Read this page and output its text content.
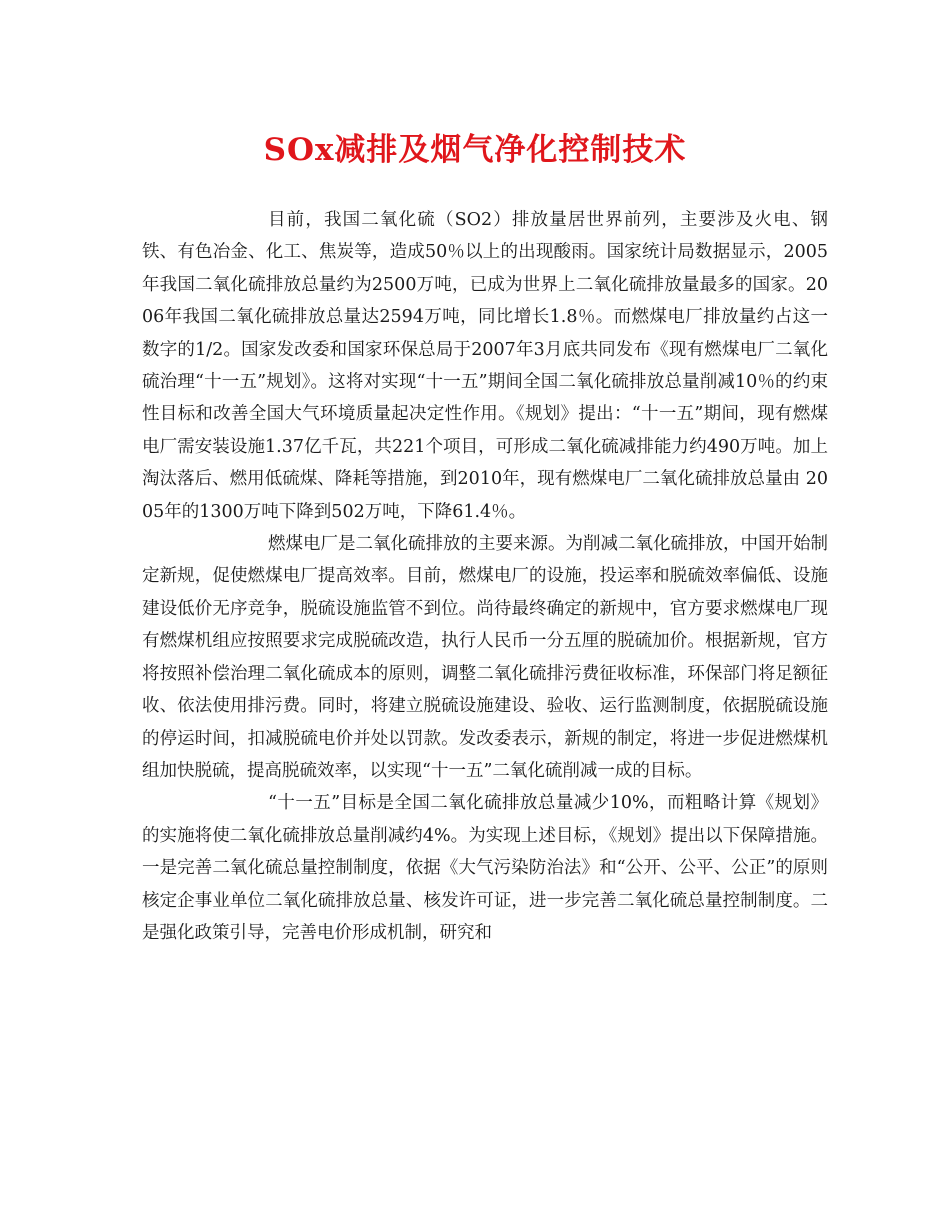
SOx减排及烟气净化控制技术

目前，我国二氧化硫（SO2）排放量居世界前列，主要涉及火电、钢铁、有色冶金、化工、焦炭等，造成50％以上的出现酸雨。国家统计局数据显示，2005年我国二氧化硫排放总量约为2500万吨，已成为世界上二氧化硫排放量最多的国家。2006年我国二氧化硫排放总量达2594万吨，同比增长1.8％。而燃煤电厂排放量约占这一数字的1/2。国家发改委和国家环保总局于2007年3月底共同发布《现有燃煤电厂二氧化硫治理“十一五”规划》。这将对实现“十一五”期间全国二氧化硫排放总量削减10％的约束性目标和改善全国大气环境质量起决定性作用。《规划》提出：“十一五”期间，现有燃煤电厂需安装设施1.37亿千瓦，共221个项目，可形成二氧化硫减排能力约490万吨。加上淘汰落后、燃用低硫煤、降耗等措施，到2010年，现有燃煤电厂二氧化硫排放总量由 2005年的1300万吨下降到502万吨，下降61.4％。

燃煤电厂是二氧化硫排放的主要来源。为削减二氧化硫排放，中国开始制定新规，促使燃煤电厂提高效率。目前，燃煤电厂的设施，投运率和脱硫效率偏低、设施建设低价无序竞争，脱硫设施监管不到位。尚待最终确定的新规中，官方要求燃煤电厂现有燃煤机组应按照要求完成脱硫改造，执行人民币一分五厘的脱硫加价。根据新规，官方将按照补偿治理二氧化硫成本的原则，调整二氧化硫排污费征收标准，环保部门将足额征收、依法使用排污费。同时，将建立脱硫设施建设、验收、运行监测制度，依据脱硫设施的停运时间，扣减脱硫电价并处以罚款。发改委表示，新规的制定，将进一步促进燃煤机组加快脱硫，提高脱硫效率，以实现“十一五”二氧化硫削减一成的目标。

“十一五”目标是全国二氧化硫排放总量减少10%，而粗略计算《规划》的实施将使二氧化硫排放总量削减约4%。为实现上述目标，《规划》提出以下保障措施。一是完善二氧化硫总量控制制度，依据《大气污染防治法》和“公开、公平、公正”的原则核定企事业单位二氧化硫排放总量、核发许可证，进一步完善二氧化硫总量控制制度。二是强化政策引导，完善电价形成机制，研究和
